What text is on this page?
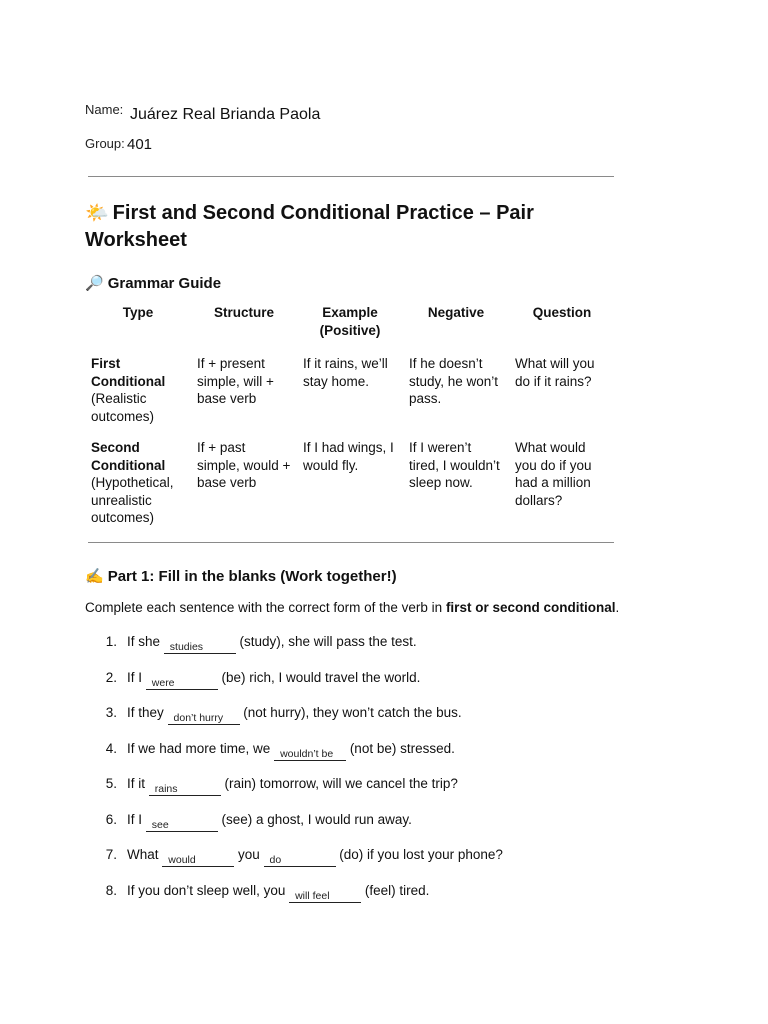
Name: Juárez Real Brianda Paola
Group: 401
🌤️ First and Second Conditional Practice – Pair Worksheet
🔎 Grammar Guide
Type	Structure	Example (Positive)	Negative	Question
First Conditional
(Realistic outcomes)	If + present simple, will + base verb	If it rains, we’ll stay home.	If he doesn’t study, he won’t pass.	What will you do if it rains?
Second Conditional
(Hypothetical, unrealistic outcomes)	If + past simple, would + base verb	If I had wings, I would fly.	If I weren’t tired, I wouldn’t sleep now.	What would you do if you had a million dollars?
✍️ Part 1: Fill in the blanks (Work together!)
Complete each sentence with the correct form of the verb in first or second conditional.
1. If she studies (study), she will pass the test.
2. If I were	(be) rich, I would travel the world.
3. If they don’t hurry (not hurry), they won’t catch the bus.
4. If we had more time, we wouldn’t be (not be) stressed.
5. If it rains	(rain) tomorrow, will we cancel the trip?
6. If I see	(see) a ghost, I would run away.
7. What would	you do	(do) if you lost your phone?
8. If you don’t sleep well, you will feel (feel) tired.
